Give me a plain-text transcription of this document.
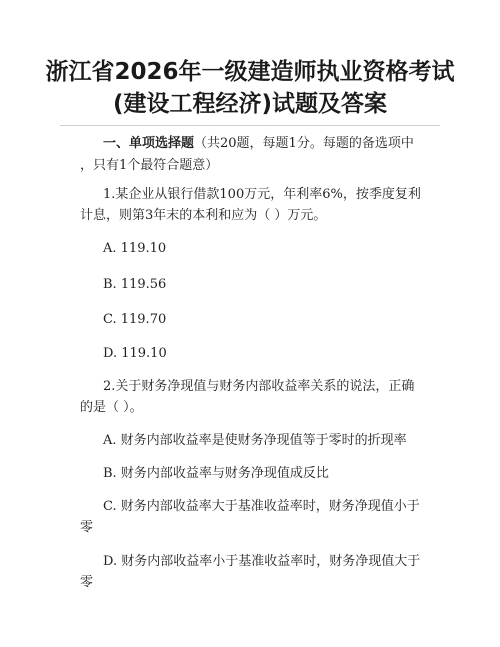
浙江省2026年一级建造师执业资格考试
(建设工程经济)试题及答案

一、单项选择题（共20题，每题1分。每题的备选项中

，只有1个最符合题意）

1.某企业从银行借款100万元，年利率6%，按季度复利

计息，则第3年末的本利和应为（ ）万元。

A. 119.10
B. 119.56
C. 119.70
D. 119.10

2.关于财务净现值与财务内部收益率关系的说法，正确

的是（ ）。

A. 财务内部收益率是使财务净现值等于零时的折现率
B. 财务内部收益率与财务净现值成反比
C. 财务内部收益率大于基准收益率时，财务净现值小于
零
D. 财务内部收益率小于基准收益率时，财务净现值大于
零
